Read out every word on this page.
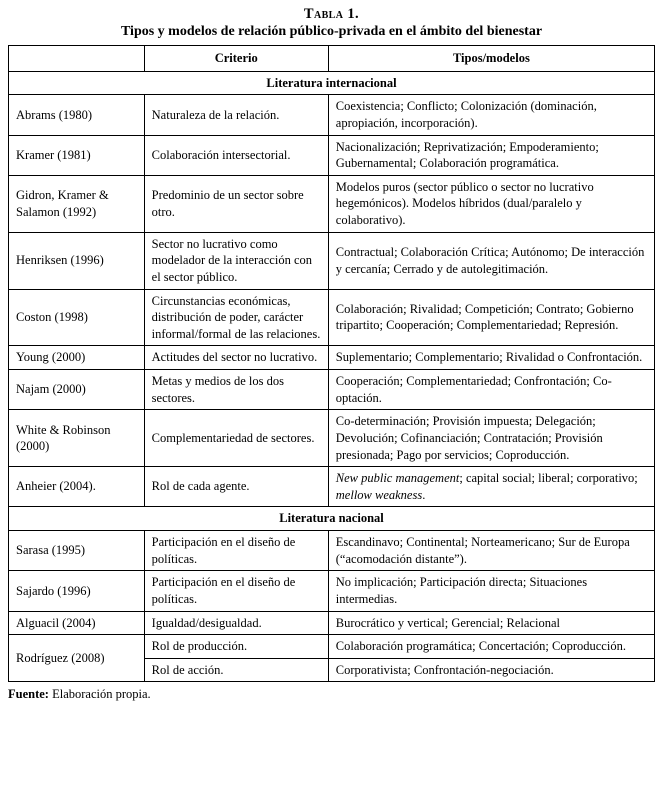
Tabla 1.
Tipos y modelos de relación público-privada en el ámbito del bienestar
	Criterio	Tipos/modelos
Literatura internacional		
Abrams (1980)	Naturaleza de la relación.	Coexistencia; Conflicto; Colonización (dominación, apropiación, incorporación).
Kramer (1981)	Colaboración intersectorial.	Nacionalización; Reprivatización; Empoderamiento; Gubernamental; Colaboración programática.
Gidron, Kramer & Salamon (1992)	Predominio de un sector sobre otro.	Modelos puros (sector público o sector no lucrativo hegemónicos). Modelos híbridos (dual/paralelo y colaborativo).
Henriksen (1996)	Sector no lucrativo como modelador de la interacción con el sector público.	Contractual; Colaboración Crítica; Autónomo; De interacción y cercanía; Cerrado y de autolegitimación.
Coston (1998)	Circunstancias económicas, distribución de poder, carácter informal/formal de las relaciones.	Colaboración; Rivalidad; Competición; Contrato; Gobierno tripartito; Cooperación; Complementariedad; Represión.
Young (2000)	Actitudes del sector no lucrativo.	Suplementario; Complementario; Rivalidad o Confrontación.
Najam (2000)	Metas y medios de los dos sectores.	Cooperación; Complementariedad; Confrontación; Co-optación.
White & Robinson (2000)	Complementariedad de sectores.	Co-determinación; Provisión impuesta; Delegación; Devolución; Cofinanciación; Contratación; Provisión presionada; Pago por servicios; Coproducción.
Anheier (2004).	Rol de cada agente.	New public management; capital social; liberal; corporativo; mellow weakness.
Literatura nacional		
Sarasa (1995)	Participación en el diseño de políticas.	Escandinavo; Continental; Norteamericano; Sur de Europa (“acomodación distante”).
Sajardo (1996)	Participación en el diseño de políticas.	No implicación; Participación directa; Situaciones intermedias.
Alguacil (2004)	Igualdad/desigualdad.	Burocrático y vertical; Gerencial; Relacional
Rodríguez (2008)	Rol de producción.	Colaboración programática; Concertación; Coproducción.
	Rol de acción.	Corporativista; Confrontación-negociación.
Fuente: Elaboración propia.
